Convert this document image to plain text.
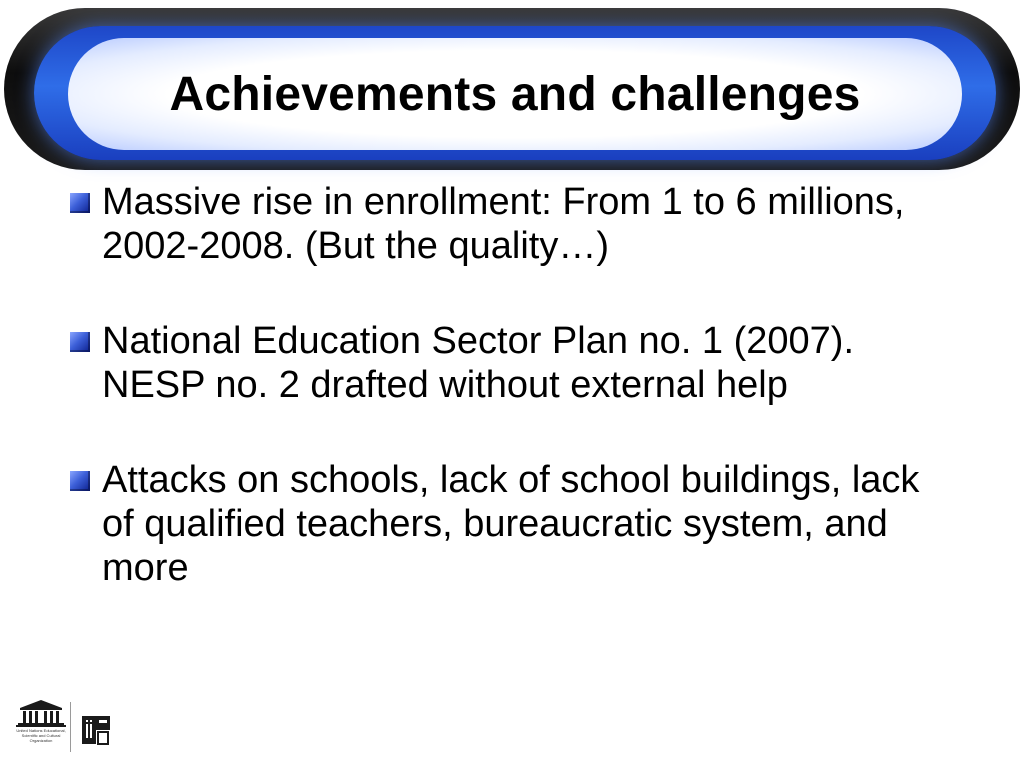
Achievements and challenges
Massive rise in enrollment: From 1 to 6 millions, 2002-2008. (But the quality…)
National Education Sector Plan no. 1 (2007). NESP no. 2 drafted without external help
Attacks on schools, lack of school buildings, lack of qualified teachers, bureaucratic system, and more
United Nations Educational, Scientific and Cultural Organization
